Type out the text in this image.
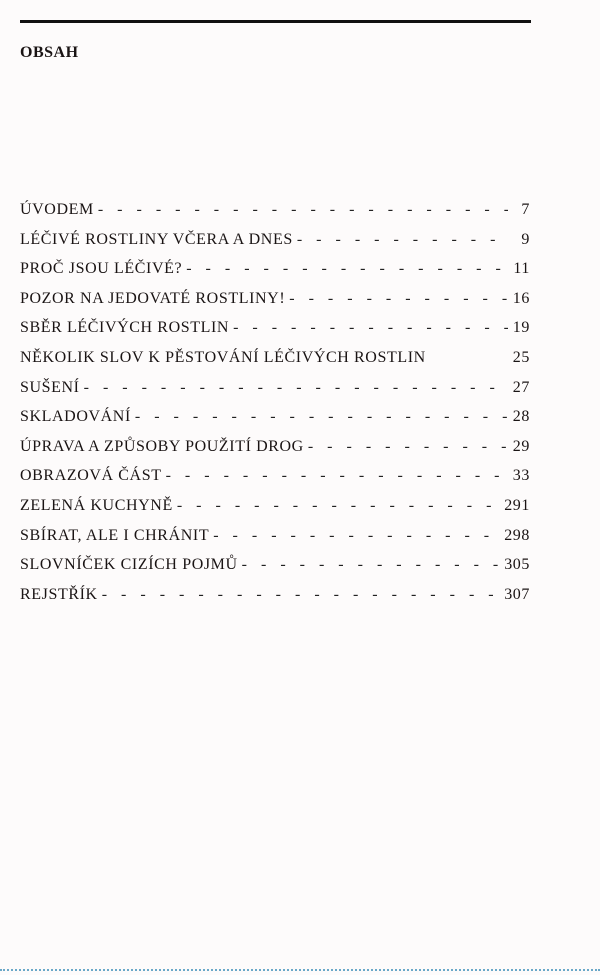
OBSAH
ÚVODEM - - -	7
LÉČIVÉ ROSTLINY VČERA A DNES - - -	9
PROČ JSOU LÉČIVÉ? - - -	11
POZOR NA JEDOVATÉ ROSTLINY! - - -	16
SBĚR LÉČIVÝCH ROSTLIN - - -	19
NĚKOLIK SLOV K PĚSTOVÁNÍ LÉČIVÝCH ROSTLIN	25
SUŠENÍ - - -	27
SKLADOVÁNÍ - - -	28
ÚPRAVA A ZPŮSOBY POUŽITÍ DROG - - -	29
OBRAZOVÁ ČÁST - - -	33
ZELENÁ KUCHYNĚ - - -	291
SBÍRAT, ALE I CHRÁNIT - - -	298
SLOVNÍČEK CIZÍCH POJMŮ - - -	305
REJSTŘÍK - - -	307
